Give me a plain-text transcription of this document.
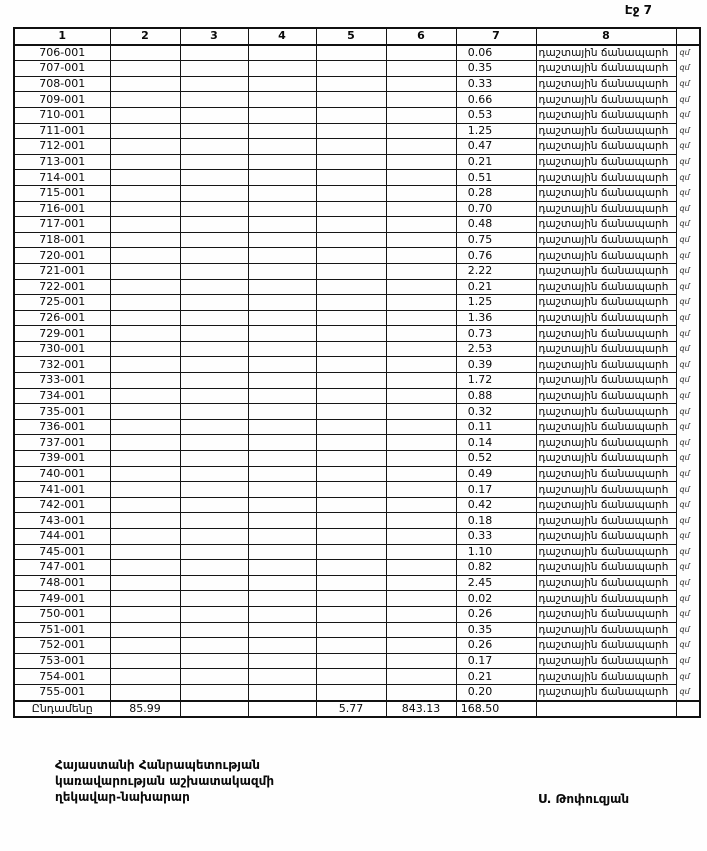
Էջ 7
1	2	3	4	5	6	7	8	
706-001						0.06	դաշտային ճանապարհ	զմ
707-001						0.35	դաշտային ճանապարհ	զմ
708-001						0.33	դաշտային ճանապարհ	զմ
709-001						0.66	դաշտային ճանապարհ	զմ
710-001						0.53	դաշտային ճանապարհ	զմ
711-001						1.25	դաշտային ճանապարհ	զմ
712-001						0.47	դաշտային ճանապարհ	զմ
713-001						0.21	դաշտային ճանապարհ	զմ
714-001						0.51	դաշտային ճանապարհ	զմ
715-001						0.28	դաշտային ճանապարհ	զմ
716-001						0.70	դաշտային ճանապարհ	զմ
717-001						0.48	դաշտային ճանապարհ	զմ
718-001						0.75	դաշտային ճանապարհ	զմ
720-001						0.76	դաշտային ճանապարհ	զմ
721-001						2.22	դաշտային ճանապարհ	զմ
722-001						0.21	դաշտային ճանապարհ	զմ
725-001						1.25	դաշտային ճանապարհ	զմ
726-001						1.36	դաշտային ճանապարհ	զմ
729-001						0.73	դաշտային ճանապարհ	զմ
730-001						2.53	դաշտային ճանապարհ	զմ
732-001						0.39	դաշտային ճանապարհ	զմ
733-001						1.72	դաշտային ճանապարհ	զմ
734-001						0.88	դաշտային ճանապարհ	զմ
735-001						0.32	դաշտային ճանապարհ	զմ
736-001						0.11	դաշտային ճանապարհ	զմ
737-001						0.14	դաշտային ճանապարհ	զմ
739-001						0.52	դաշտային ճանապարհ	զմ
740-001						0.49	դաշտային ճանապարհ	զմ
741-001						0.17	դաշտային ճանապարհ	զմ
742-001						0.42	դաշտային ճանապարհ	զմ
743-001						0.18	դաշտային ճանապարհ	զմ
744-001						0.33	դաշտային ճանապարհ	զմ
745-001						1.10	դաշտային ճանապարհ	զմ
747-001						0.82	դաշտային ճանապարհ	զմ
748-001						2.45	դաշտային ճանապարհ	զմ
749-001						0.02	դաշտային ճանապարհ	զմ
750-001						0.26	դաշտային ճանապարհ	զմ
751-001						0.35	դաշտային ճանապարհ	զմ
752-001						0.26	դաշտային ճանապարհ	զմ
753-001						0.17	դաշտային ճանապարհ	զմ
754-001						0.21	դաշտային ճանապարհ	զմ
755-001						0.20	դաշտային ճանապարհ	զմ
Ընդամենը	85.99			5.77	843.13	168.50		
Հայաստանի Հանրապետության
կառավարության աշխատակազմի
ղեկավար-նախարար	Ս. Թոփուզյան
